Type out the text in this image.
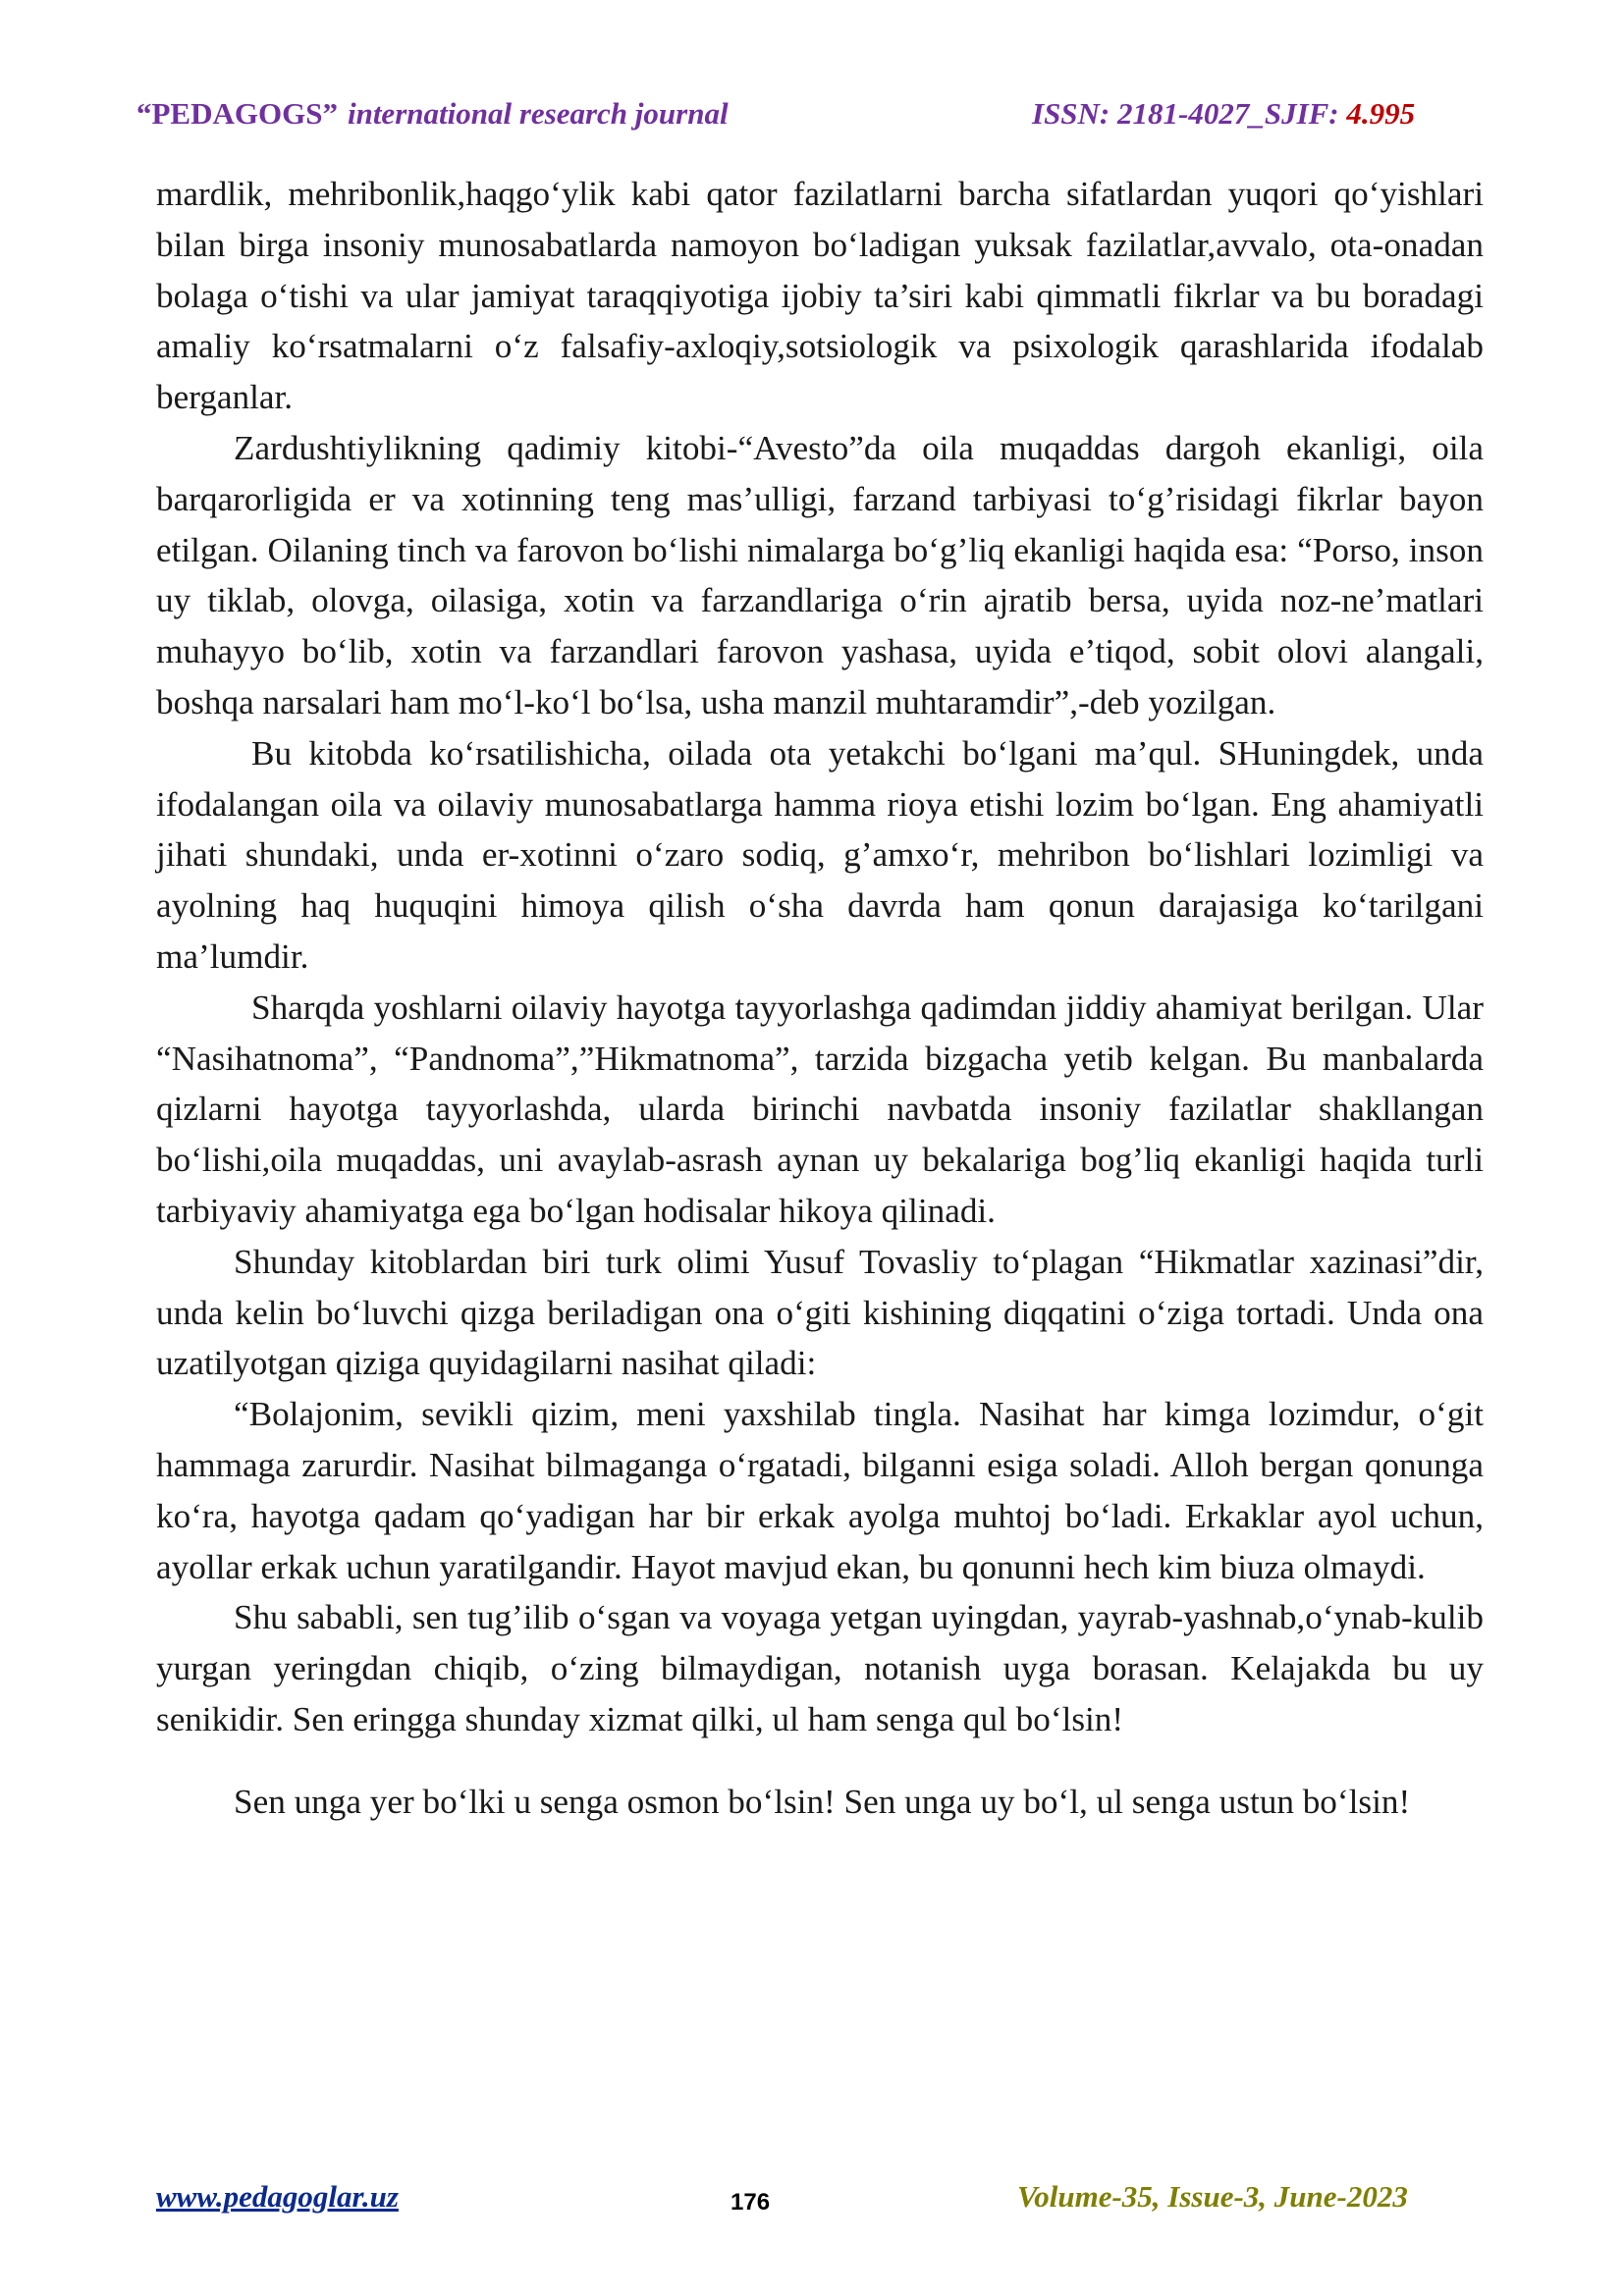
“PEDAGOGS” international research journal	ISSN: 2181-4027_SJIF: 4.995

mardlik, mehribonlik,haqgo‘ylik kabi qator fazilatlarni barcha sifatlardan yuqori qo‘yishlari bilan birga insoniy munosabatlarda namoyon bo‘ladigan yuksak fazilatlar,avvalo, ota-onadan bolaga o‘tishi va ular jamiyat taraqqiyotiga ijobiy ta’siri kabi qimmatli fikrlar va bu boradagi amaliy ko‘rsatmalarni o‘z falsafiy-axloqiy,sotsiologik va psixologik qarashlarida ifodalab berganlar.

Zardushtiylikning qadimiy kitobi-“Avesto”da oila muqaddas dargoh ekanligi, oila barqarorligida er va xotinning teng mas’ulligi, farzand tarbiyasi to‘g’risidagi fikrlar bayon etilgan. Oilaning tinch va farovon bo‘lishi nimalarga bo‘g’liq ekanligi haqida esa: “Porso, inson uy tiklab, olovga, oilasiga, xotin va farzandlariga o‘rin ajratib bersa, uyida noz-ne’matlari muhayyo bo‘lib, xotin va farzandlari farovon yashasa, uyida e’tiqod, sobit olovi alangali, boshqa narsalari ham mo‘l-ko‘l bo‘lsa, usha manzil muhtaramdir”,-deb yozilgan.

Bu kitobda ko‘rsatilishicha, oilada ota yetakchi bo‘lgani ma’qul. SHuningdek, unda ifodalangan oila va oilaviy munosabatlarga hamma rioya etishi lozim bo‘lgan. Eng ahamiyatli jihati shundaki, unda er-xotinni o‘zaro sodiq, g’amxo‘r, mehribon bo‘lishlari lozimligi va ayolning haq huquqini himoya qilish o‘sha davrda ham qonun darajasiga ko‘tarilgani ma’lumdir.

Sharqda yoshlarni oilaviy hayotga tayyorlashga qadimdan jiddiy ahamiyat berilgan. Ular “Nasihatnoma”, “Pandnoma”,”Hikmatnoma”, tarzida bizgacha yetib kelgan. Bu manbalarda qizlarni hayotga tayyorlashda, ularda birinchi navbatda insoniy fazilatlar shakllangan bo‘lishi,oila muqaddas, uni avaylab-asrash aynan uy bekalariga bog’liq ekanligi haqida turli tarbiyaviy ahamiyatga ega bo‘lgan hodisalar hikoya qilinadi.

Shunday kitoblardan biri turk olimi Yusuf Tovasliy to‘plagan “Hikmatlar xazinasi”dir, unda kelin bo‘luvchi qizga beriladigan ona o‘giti kishining diqqatini o‘ziga tortadi. Unda ona uzatilyotgan qiziga quyidagilarni nasihat qiladi:

“Bolajonim, sevikli qizim, meni yaxshilab tingla. Nasihat har kimga lozimdur, o‘git hammaga zarurdir. Nasihat bilmaganga o‘rgatadi, bilganni esiga soladi. Alloh bergan qonunga ko‘ra, hayotga qadam qo‘yadigan har bir erkak ayolga muhtoj bo‘ladi. Erkaklar ayol uchun, ayollar erkak uchun yaratilgandir. Hayot mavjud ekan, bu qonunni hech kim biuza olmaydi.

Shu sababli, sen tug’ilib o‘sgan va voyaga yetgan uyingdan, yayrab-yashnab,o‘ynab-kulib yurgan yeringdan chiqib, o‘zing bilmaydigan, notanish uyga borasan. Kelajakda bu uy senikidir. Sen eringga shunday xizmat qilki, ul ham senga qul bo‘lsin!

Sen unga yer bo‘lki u senga osmon bo‘lsin! Sen unga uy bo‘l, ul senga ustun bo‘lsin!

www.pedagoglar.uz	176	Volume-35, Issue-3, June-2023
